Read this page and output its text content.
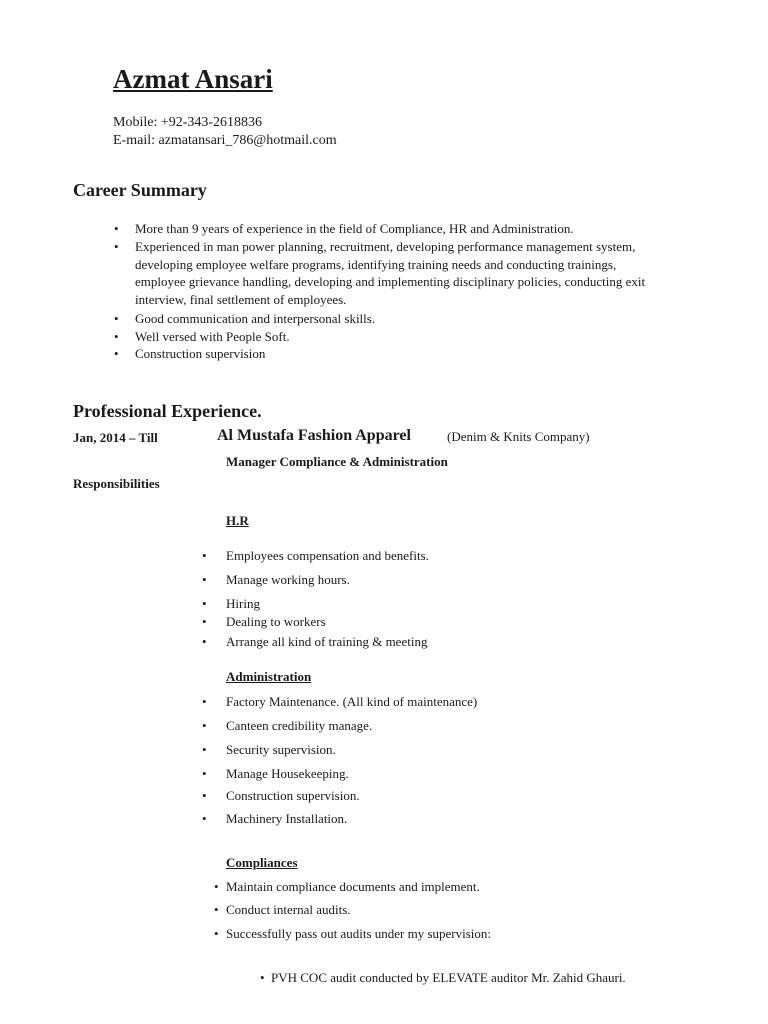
Azmat Ansari
Mobile: +92-343-2618836
E-mail: azmatansari_786@hotmail.com
Career Summary
• More than 9 years of experience in the field of Compliance, HR and Administration.
• Experienced in man power planning, recruitment, developing performance management system,
developing employee welfare programs, identifying training needs and conducting trainings,
employee grievance handling, developing and implementing disciplinary policies, conducting exit
interview, final settlement of employees.
• Good communication and interpersonal skills.
• Well versed with People Soft.
• Construction supervision
Professional Experience.
Jan, 2014 – Till	Al Mustafa Fashion Apparel	(Denim & Knits Company)
Manager Compliance & Administration
Responsibilities
H.R
• Employees compensation and benefits.
• Manage working hours.
• Hiring
• Dealing to workers
• Arrange all kind of training & meeting
Administration
• Factory Maintenance. (All kind of maintenance)
• Canteen credibility manage.
• Security supervision.
• Manage Housekeeping.
• Construction supervision.
• Machinery Installation.
Compliances
• Maintain compliance documents and implement.
• Conduct internal audits.
• Successfully pass out audits under my supervision:
• PVH COC audit conducted by ELEVATE auditor Mr. Zahid Ghauri.
